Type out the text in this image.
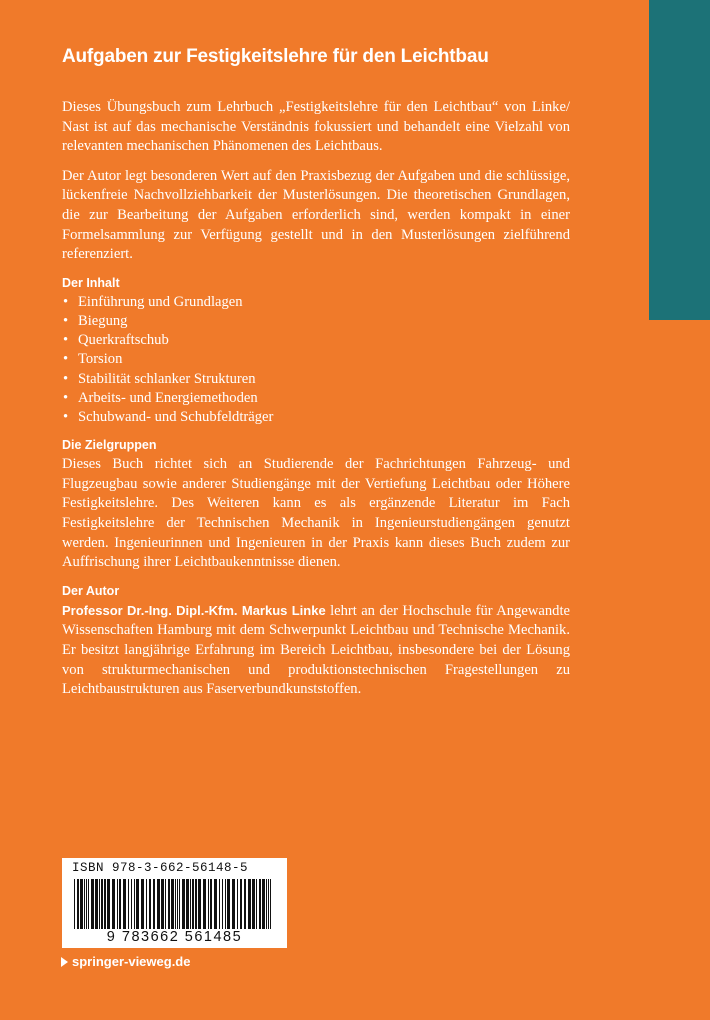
Aufgaben zur Festigkeitslehre für den Leichtbau

Dieses Übungsbuch zum Lehrbuch „Festigkeitslehre für den Leichtbau“ von Linke/ Nast ist auf das mechanische Verständnis fokussiert und behandelt eine Vielzahl von relevanten mechanischen Phänomenen des Leichtbaus.

Der Autor legt besonderen Wert auf den Praxisbezug der Aufgaben und die schlüssige, lückenfreie Nachvollziehbarkeit der Musterlösungen. Die theoretischen Grundlagen, die zur Bearbeitung der Aufgaben erforderlich sind, werden kompakt in einer Formelsammlung zur Verfügung gestellt und in den Musterlösungen zielführend referenziert.

Der Inhalt
• Einführung und Grundlagen
• Biegung
• Querkraftschub
• Torsion
• Stabilität schlanker Strukturen
• Arbeits- und Energiemethoden
• Schubwand- und Schubfeldträger
Die Zielgruppen

Dieses Buch richtet sich an Studierende der Fachrichtungen Fahrzeug- und Flugzeugbau sowie anderer Studiengänge mit der Vertiefung Leichtbau oder Höhere Festigkeitslehre. Des Weiteren kann es als ergänzende Literatur im Fach Festigkeitslehre der Technischen Mechanik in Ingenieurstudiengängen genutzt werden. Ingenieurinnen und Ingenieuren in der Praxis kann dieses Buch zudem zur Auffrischung ihrer Leichtbaukenntnisse dienen.

Der Autor

Professor Dr.-Ing. Dipl.-Kfm. Markus Linke lehrt an der Hochschule für Angewandte Wissenschaften Hamburg mit dem Schwerpunkt Leichtbau und Technische Mechanik. Er besitzt langjährige Erfahrung im Bereich Leichtbau, insbesondere bei der Lösung von strukturmechanischen und produktionstechnischen Fragestellungen zu Leichtbaustrukturen aus Faserverbundkunststoffen.

ISBN 978-3-662-56148-5
9 783662 561485
springer-vieweg.de
